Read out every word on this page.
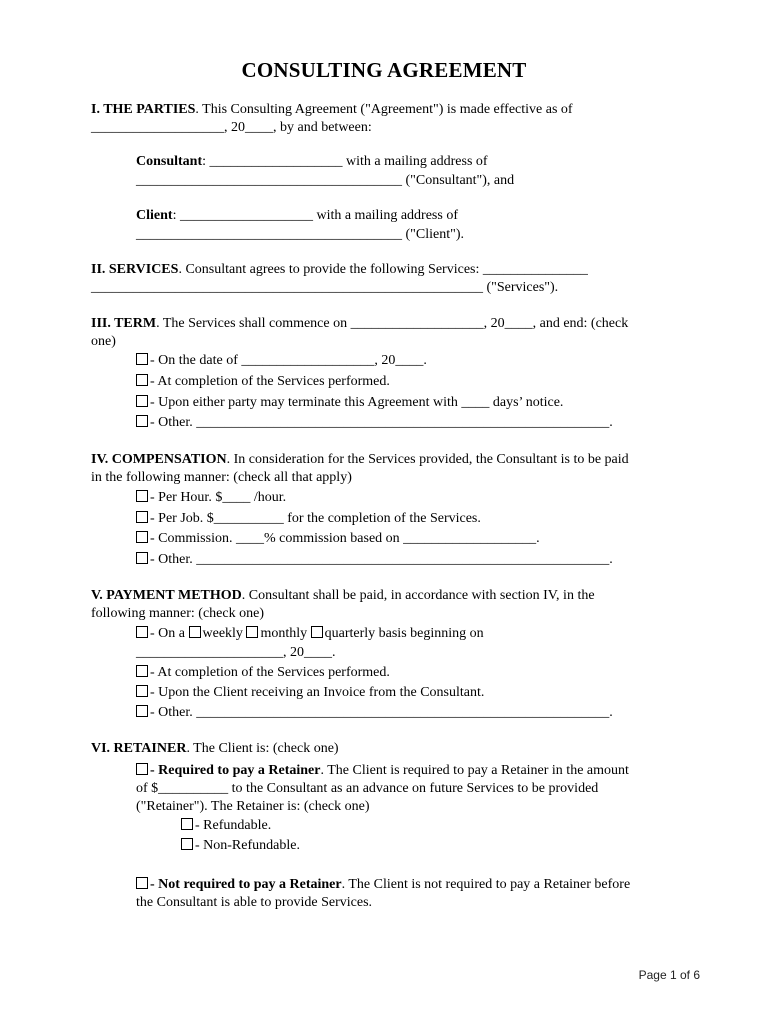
CONSULTING AGREEMENT
I. THE PARTIES. This Consulting Agreement ("Agreement") is made effective as of
___________________, 20____, by and between:
Consultant: ___________________ with a mailing address of
______________________________________ ("Consultant"), and
Client: ___________________ with a mailing address of
______________________________________ ("Client").
II. SERVICES. Consultant agrees to provide the following Services: _______________
________________________________________________________ ("Services").
III. TERM. The Services shall commence on ___________________, 20____, and end: (check
one)
- On the date of ___________________, 20____.
- At completion of the Services performed.
- Upon either party may terminate this Agreement with ____ days’ notice.
- Other. ___________________________________________________________.
IV. COMPENSATION. In consideration for the Services provided, the Consultant is to be paid
in the following manner: (check all that apply)
- Per Hour. $____ /hour.
- Per Job. $__________ for the completion of the Services.
- Commission. ____% commission based on ___________________.
- Other. ___________________________________________________________.
V. PAYMENT METHOD. Consultant shall be paid, in accordance with section IV, in the
following manner: (check one)
- On a weekly monthly quarterly basis beginning on
_____________________, 20____.
- At completion of the Services performed.
- Upon the Client receiving an Invoice from the Consultant.
- Other. ___________________________________________________________.
VI. RETAINER. The Client is: (check one)
- Required to pay a Retainer. The Client is required to pay a Retainer in the amount
of $__________ to the Consultant as an advance on future Services to be provided
("Retainer"). The Retainer is: (check one)
- Refundable.
- Non-Refundable.
- Not required to pay a Retainer. The Client is not required to pay a Retainer before
the Consultant is able to provide Services.
Page 1 of 6
